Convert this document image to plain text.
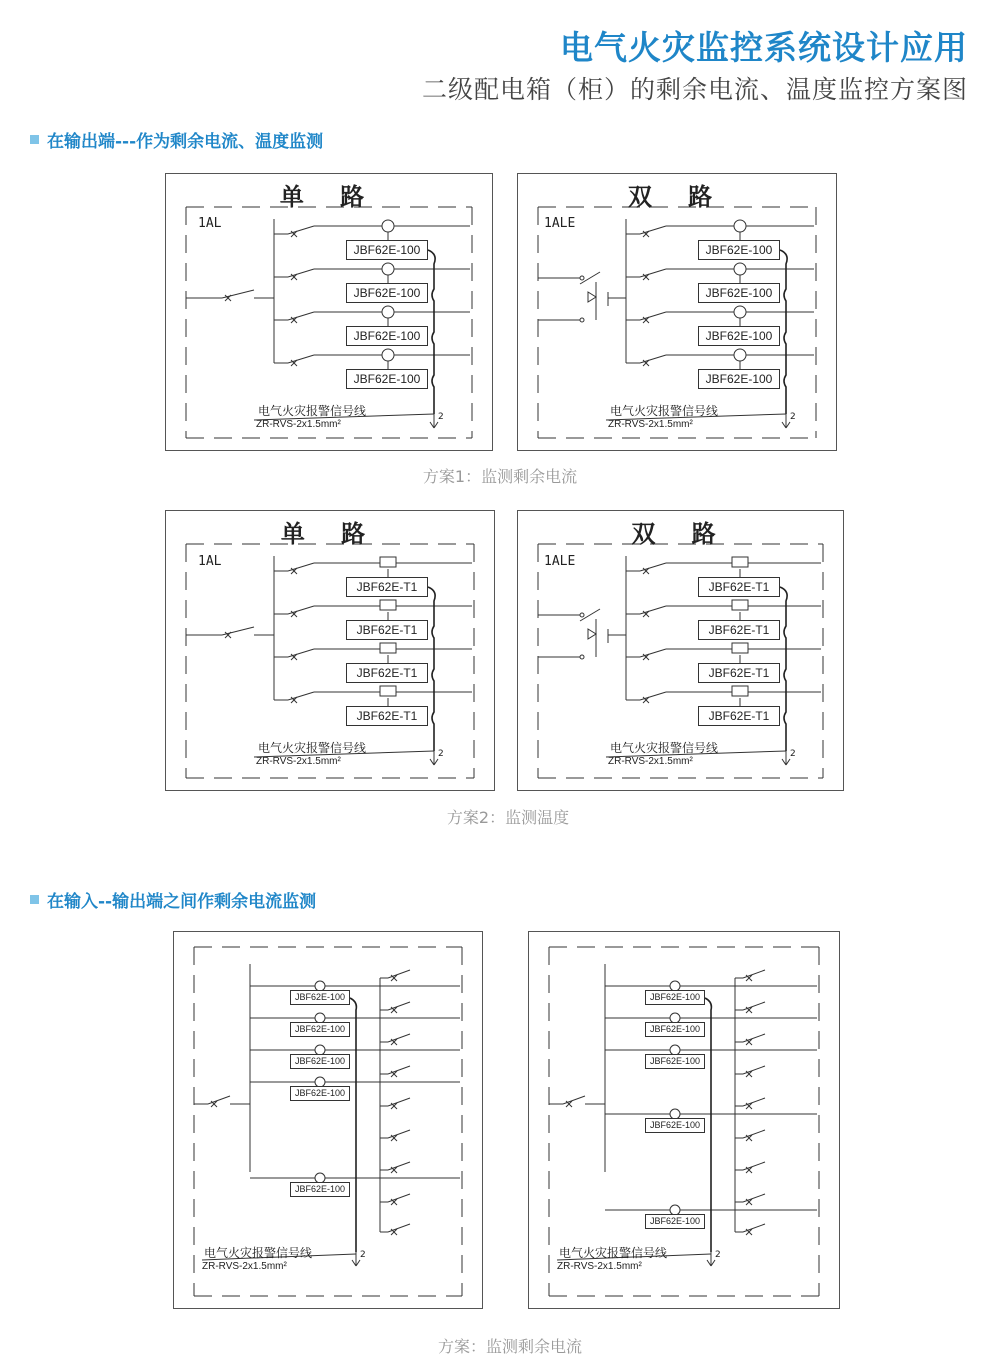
电气火灾监控系统设计应用
二级配电箱（柜）的剩余电流、温度监控方案图
在输出端---作为剩余电流、温度监测
单 路
1AL
JBF62E-100
JBF62E-100
JBF62E-100
JBF62E-100
电气火灾报警信号线
ZR-RVS-2x1.5mm²
2
双 路
1ALE
JBF62E-100
JBF62E-100
JBF62E-100
JBF62E-100
电气火灾报警信号线
ZR-RVS-2x1.5mm²
2
方案1：监测剩余电流
单 路
1AL
JBF62E-T1
JBF62E-T1
JBF62E-T1
JBF62E-T1
电气火灾报警信号线
ZR-RVS-2x1.5mm²
2
双 路
1ALE
JBF62E-T1
JBF62E-T1
JBF62E-T1
JBF62E-T1
电气火灾报警信号线
ZR-RVS-2x1.5mm²
2
方案2：监测温度
在输入--输出端之间作剩余电流监测
JBF62E-100
JBF62E-100
JBF62E-100
JBF62E-100
JBF62E-100
电气火灾报警信号线
ZR-RVS-2x1.5mm²
2
JBF62E-100
JBF62E-100
JBF62E-100
JBF62E-100
JBF62E-100
电气火灾报警信号线
ZR-RVS-2x1.5mm²
2
方案：监测剩余电流
